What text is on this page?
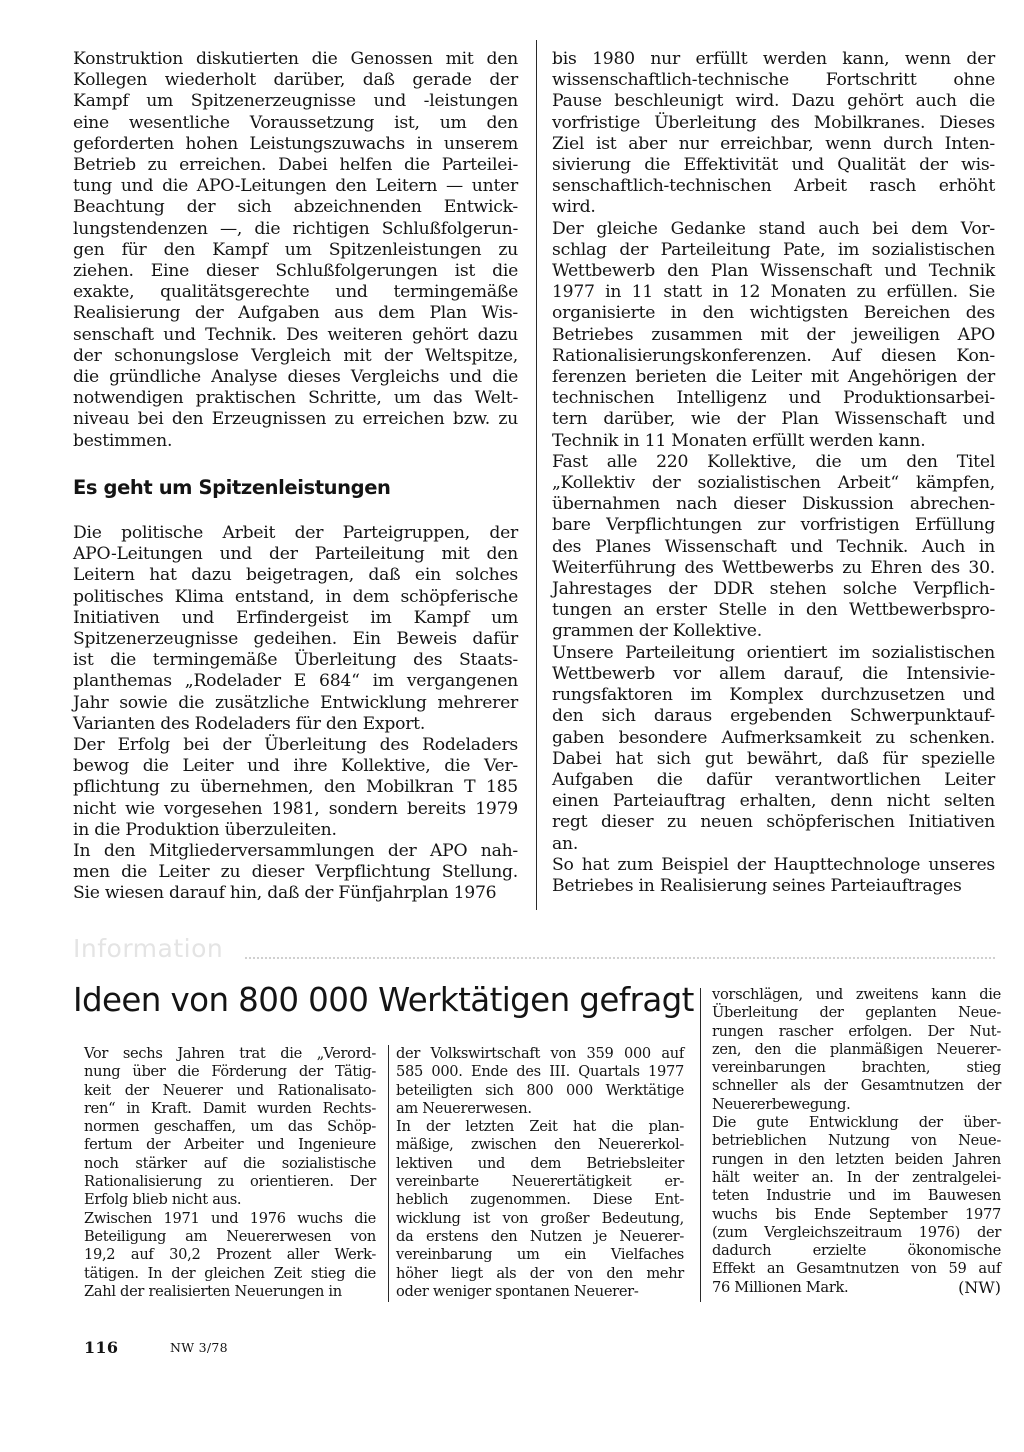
Konstruktion diskutierten die Genossen mit den

Kollegen wiederholt darüber, daß gerade der

Kampf um Spitzenerzeugnisse und -leistungen

eine wesentliche Voraussetzung ist, um den

geforderten hohen Leistungszuwachs in unserem

Betrieb zu erreichen. Dabei helfen die Parteilei-

tung und die APO-Leitungen den Leitern — unter

Beachtung der sich abzeichnenden Entwick-

lungstendenzen —, die richtigen Schlußfolgerun-

gen für den Kampf um Spitzenleistungen zu

ziehen. Eine dieser Schlußfolgerungen ist die

exakte, qualitätsgerechte und termingemäße

Realisierung der Aufgaben aus dem Plan Wis-

senschaft und Technik. Des weiteren gehört dazu

der schonungslose Vergleich mit der Weltspitze,

die gründliche Analyse dieses Vergleichs und die

notwendigen praktischen Schritte, um das Welt-

niveau bei den Erzeugnissen zu erreichen bzw. zu

bestimmen.

Es geht um Spitzenleistungen

Die politische Arbeit der Parteigruppen, der

APO-Leitungen und der Parteileitung mit den

Leitern hat dazu beigetragen, daß ein solches

politisches Klima entstand, in dem schöpferische

Initiativen und Erfindergeist im Kampf um

Spitzenerzeugnisse gedeihen. Ein Beweis dafür

ist die termingemäße Überleitung des Staats-

planthemas „Rodelader E 684“ im vergangenen

Jahr sowie die zusätzliche Entwicklung mehrerer

Varianten des Rodeladers für den Export.

Der Erfolg bei der Überleitung des Rodeladers

bewog die Leiter und ihre Kollektive, die Ver-

pflichtung zu übernehmen, den Mobilkran T 185

nicht wie vorgesehen 1981, sondern bereits 1979

in die Produktion überzuleiten.

In den Mitgliederversammlungen der APO nah-

men die Leiter zu dieser Verpflichtung Stellung.

Sie wiesen darauf hin, daß der Fünfjahrplan 1976

bis 1980 nur erfüllt werden kann, wenn der

wissenschaftlich-technische Fortschritt ohne

Pause beschleunigt wird. Dazu gehört auch die

vorfristige Überleitung des Mobilkranes. Dieses

Ziel ist aber nur erreichbar, wenn durch Inten-

sivierung die Effektivität und Qualität der wis-

senschaftlich-technischen Arbeit rasch erhöht

wird.

Der gleiche Gedanke stand auch bei dem Vor-

schlag der Parteileitung Pate, im sozialistischen

Wettbewerb den Plan Wissenschaft und Technik

1977 in 11 statt in 12 Monaten zu erfüllen. Sie

organisierte in den wichtigsten Bereichen des

Betriebes zusammen mit der jeweiligen APO

Rationalisierungskonferenzen. Auf diesen Kon-

ferenzen berieten die Leiter mit Angehörigen der

technischen Intelligenz und Produktionsarbei-

tern darüber, wie der Plan Wissenschaft und

Technik in 11 Monaten erfüllt werden kann.

Fast alle 220 Kollektive, die um den Titel

„Kollektiv der sozialistischen Arbeit“ kämpfen,

übernahmen nach dieser Diskussion abrechen-

bare Verpflichtungen zur vorfristigen Erfüllung

des Planes Wissenschaft und Technik. Auch in

Weiterführung des Wettbewerbs zu Ehren des 30.

Jahrestages der DDR stehen solche Verpflich-

tungen an erster Stelle in den Wettbewerbspro-

grammen der Kollektive.

Unsere Parteileitung orientiert im sozialistischen

Wettbewerb vor allem darauf, die Intensivie-

rungsfaktoren im Komplex durchzusetzen und

den sich daraus ergebenden Schwerpunktauf-

gaben besondere Aufmerksamkeit zu schenken.

Dabei hat sich gut bewährt, daß für spezielle

Aufgaben die dafür verantwortlichen Leiter

einen Parteiauftrag erhalten, denn nicht selten

regt dieser zu neuen schöpferischen Initiativen

an.

So hat zum Beispiel der Haupttechnologe unseres

Betriebes in Realisierung seines Parteiauftrages

Information
Ideen von 800 000 Werktätigen gefragt

Vor sechs Jahren trat die „Verord-

nung über die Förderung der Tätig-

keit der Neuerer und Rationalisato-

ren“ in Kraft. Damit wurden Rechts-

normen geschaffen, um das Schöp-

fertum der Arbeiter und Ingenieure

noch stärker auf die sozialistische

Rationalisierung zu orientieren. Der

Erfolg blieb nicht aus.

Zwischen 1971 und 1976 wuchs die

Beteiligung am Neuererwesen von

19,2 auf 30,2 Prozent aller Werk-

tätigen. In der gleichen Zeit stieg die

Zahl der realisierten Neuerungen in

der Volkswirtschaft von 359 000 auf

585 000. Ende des III. Quartals 1977

beteiligten sich 800 000 Werktätige

am Neuererwesen.

In der letzten Zeit hat die plan-

mäßige, zwischen den Neuererkol-

lektiven und dem Betriebsleiter

vereinbarte Neuerertätigkeit er-

heblich zugenommen. Diese Ent-

wicklung ist von großer Bedeutung,

da erstens den Nutzen je Neuerer-

vereinbarung um ein Vielfaches

höher liegt als der von den mehr

oder weniger spontanen Neuerer-

vorschlägen, und zweitens kann die

Überleitung der geplanten Neue-

rungen rascher erfolgen. Der Nut-

zen, den die planmäßigen Neuerer-

vereinbarungen brachten, stieg

schneller als der Gesamtnutzen der

Neuererbewegung.

Die gute Entwicklung der über-

betrieblichen Nutzung von Neue-

rungen in den letzten beiden Jahren

hält weiter an. In der zentralgelei-

teten Industrie und im Bauwesen

wuchs bis Ende September 1977

(zum Vergleichszeitraum 1976) der

dadurch erzielte ökonomische

Effekt an Gesamtnutzen von 59 auf

76 Millionen Mark.	(NW)
116	NW 3/78
